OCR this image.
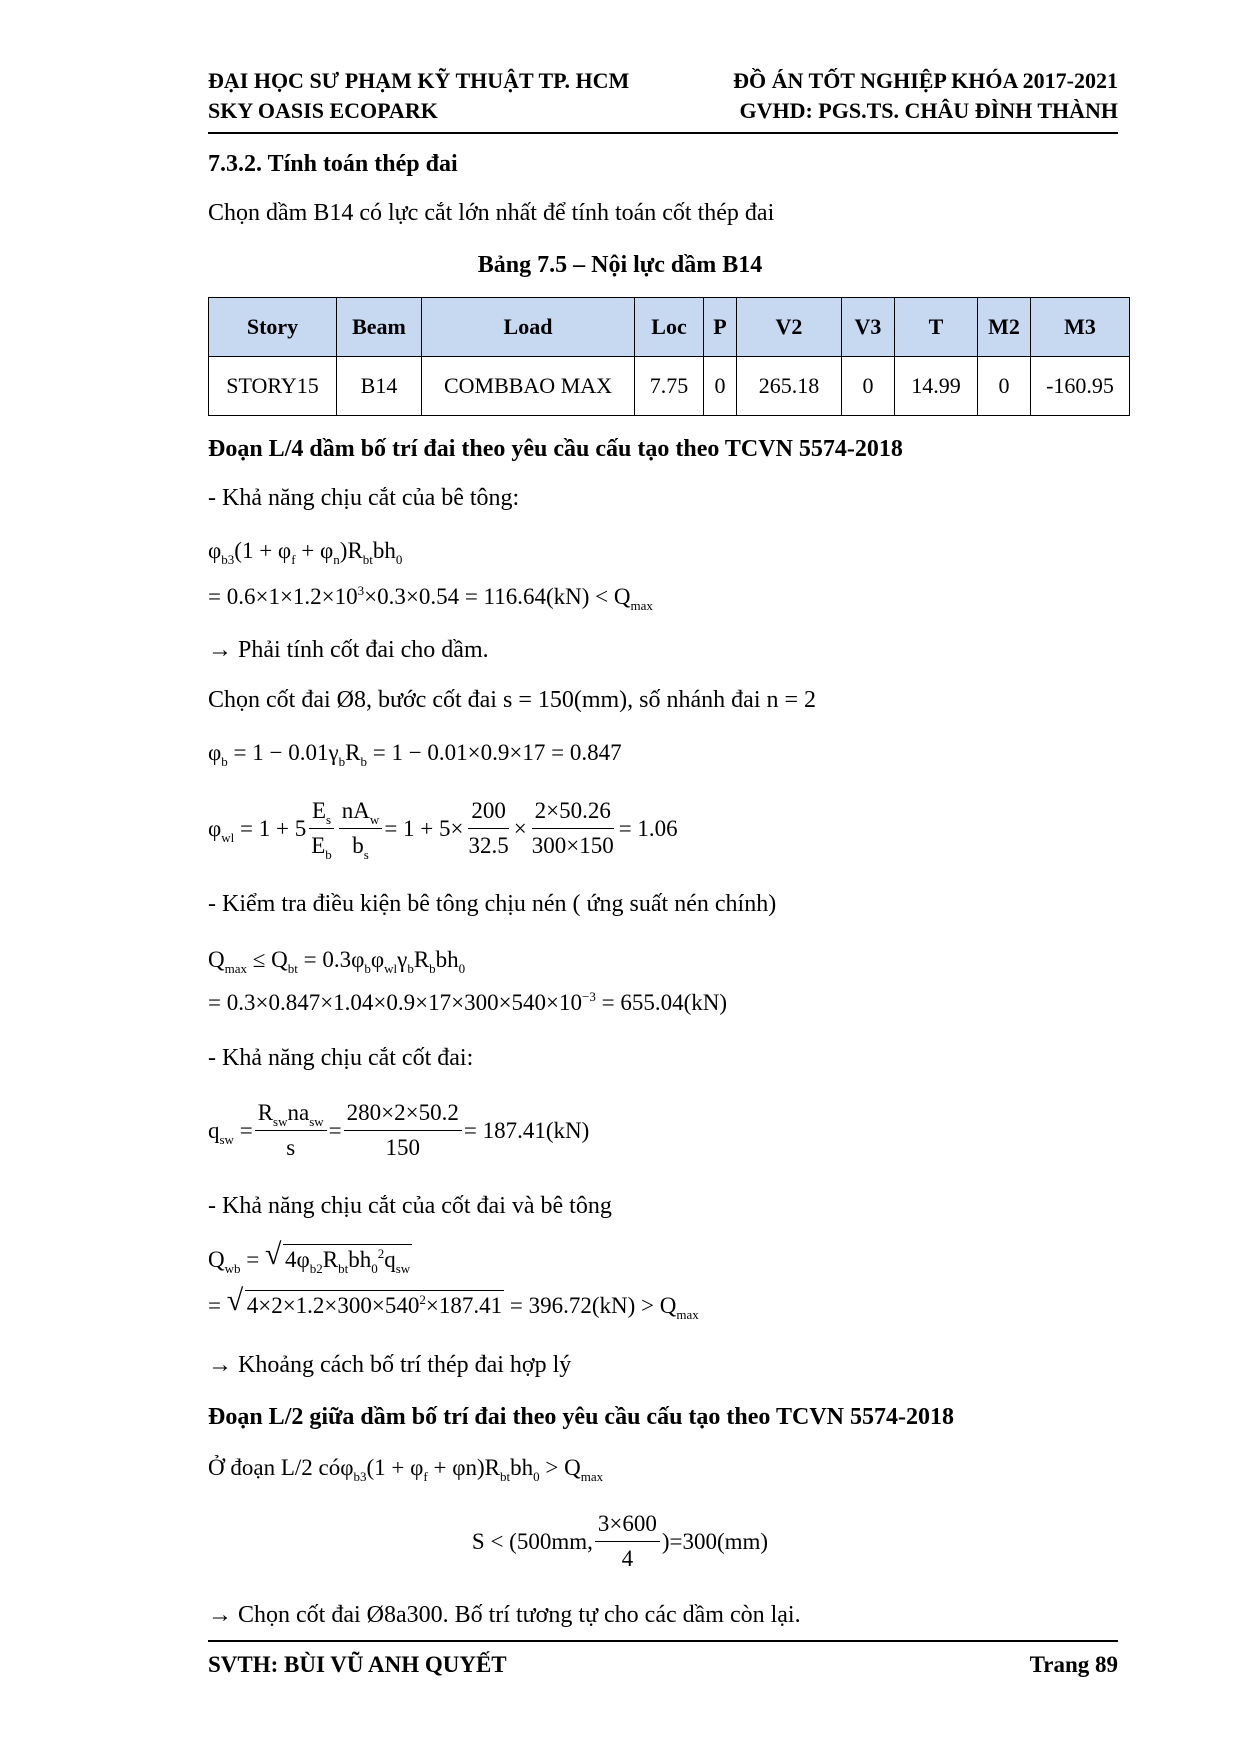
ĐẠI HỌC SƯ PHẠM KỸ THUẬT TP. HCM
SKY OASIS ECOPARK
ĐỒ ÁN TỐT NGHIỆP KHÓA 2017-2021
GVHD: PGS.TS. CHÂU ĐÌNH THÀNH
7.3.2. Tính toán thép đai
Chọn dầm B14 có lực cắt lớn nhất để tính toán cốt thép đai
Bảng 7.5 – Nội lực dầm B14
Story	Beam	Load	Loc	P	V2	V3	T	M2	M3
STORY15	B14	COMBBAO MAX	7.75	0	265.18	0	14.99	0	-160.95
Đoạn L/4 dầm bố trí đai theo yêu cầu cấu tạo theo TCVN 5574-2018
- Khả năng chịu cắt của bê tông:
$\varphi_{b3}(1 + \varphi_f + \varphi_n)R_{bt}bh_0$
= $0.6\times 1\times 1.2\times 10^3\times 0.3\times 0.54 = 116.64(kN) < Q_{max}$
→ Phải tính cốt đai cho dầm.
Chọn cốt đai Ø8, bước cốt đai s = 150(mm), số nhánh đai n = 2
$\varphi_b = 1 - 0.01\gamma_bR_b = 1 - 0.01\times 0.9\times 17 = 0.847$
$\varphi_{wl} = 1 + 5 \frac{E_s}{E_b} \frac{nA_w}{b_s} = 1 + 5\times \frac{200}{32.5} \times \frac{2\times 50.26}{300\times 150} = 1.06$
- Kiểm tra điều kiện bê tông chịu nén ( ứng suất nén chính)
$Q_{max} \le Q_{bt} = 0.3\varphi_b\varphi_{wl}\gamma_bR_bbh_0$
= $0.3\times 0.847\times 1.04\times 0.9\times 17\times 300\times 540\times 10^{-3} = 655.04(kN)$
- Khả năng chịu cắt cốt đai:
$q_{sw} = \frac{R_{sw}na_{sw}}{s} = \frac{280\times 2\times 50.2}{150} = 187.41(kN)$
- Khả năng chịu cắt của cốt đai và bê tông
$Q_{wb}$ = √ $4\varphi_{b2}R_{bt}bh_0^2q_{sw}$
= √ $4\times 2\times 1.2\times 300\times 540^2\times 187.41 = 396.72(kN) > Q_{max}$
→ Khoảng cách bố trí thép đai hợp lý
Đoạn L/2 giữa dầm bố trí đai theo yêu cầu cấu tạo theo TCVN 5574-2018
Ở đoạn L/2 cóφ$_{b3}$(1 + $\varphi_f + \varphi n)R_{bt}bh_0 > Q_{max}$
S < (500mm, $\frac{3\times 600}{4} )=300(mm)$
→ Chọn cốt đai Ø8a300. Bố trí tương tự cho các dầm còn lại.
SVTH: BÙI VŨ ANH QUYẾT	Trang 89
